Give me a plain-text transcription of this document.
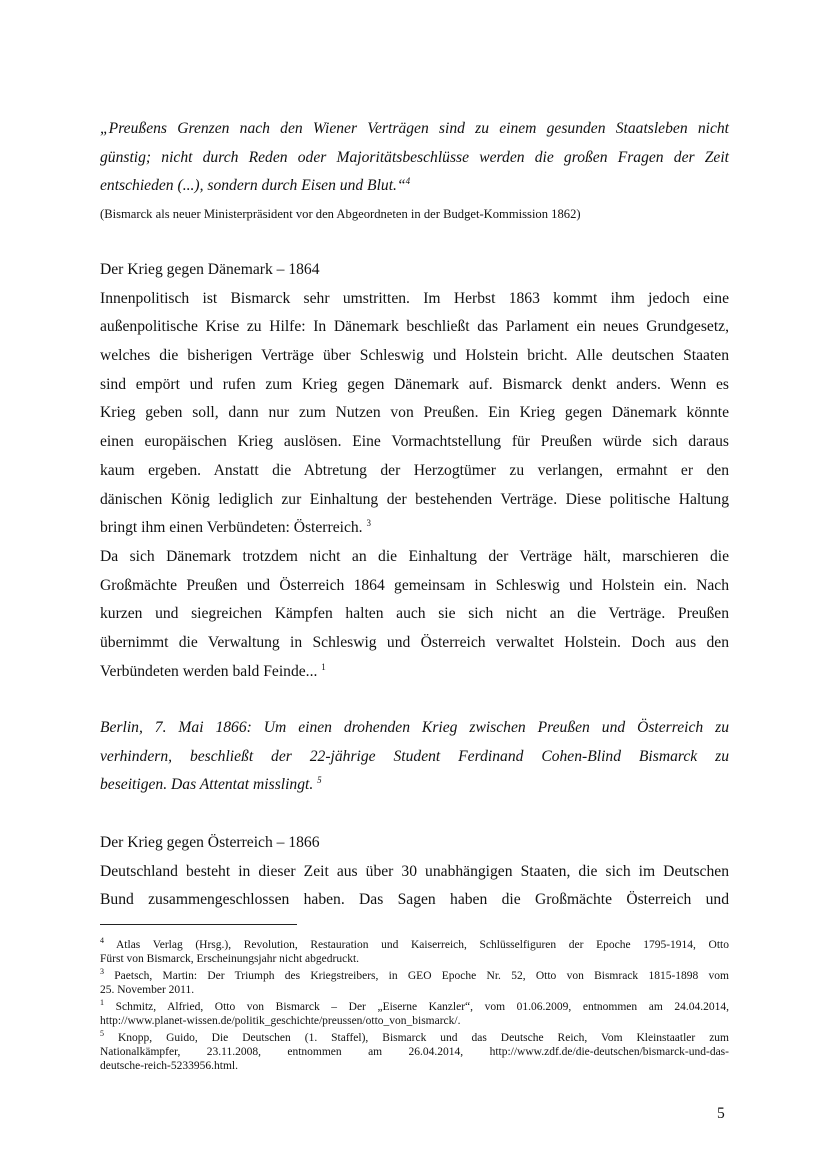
„Preußens Grenzen nach den Wiener Verträgen sind zu einem gesunden Staatsleben nicht
günstig; nicht durch Reden oder Majoritätsbeschlüsse werden die großen Fragen der Zeit
entschieden (...), sondern durch Eisen und Blut.“$^4$
(Bismarck als neuer Ministerpräsident vor den Abgeordneten in der Budget-Kommission 1862)
Der Krieg gegen Dänemark – 1864
Innenpolitisch ist Bismarck sehr umstritten. Im Herbst 1863 kommt ihm jedoch eine
außenpolitische Krise zu Hilfe: In Dänemark beschließt das Parlament ein neues Grundgesetz,
welches die bisherigen Verträge über Schleswig und Holstein bricht. Alle deutschen Staaten
sind empört und rufen zum Krieg gegen Dänemark auf. Bismarck denkt anders. Wenn es
Krieg geben soll, dann nur zum Nutzen von Preußen. Ein Krieg gegen Dänemark könnte
einen europäischen Krieg auslösen. Eine Vormachtstellung für Preußen würde sich daraus
kaum ergeben. Anstatt die Abtretung der Herzogtümer zu verlangen, ermahnt er den
dänischen König lediglich zur Einhaltung der bestehenden Verträge. Diese politische Haltung
bringt ihm einen Verbündeten: Österreich. $^3$
Da sich Dänemark trotzdem nicht an die Einhaltung der Verträge hält, marschieren die
Großmächte Preußen und Österreich 1864 gemeinsam in Schleswig und Holstein ein. Nach
kurzen und siegreichen Kämpfen halten auch sie sich nicht an die Verträge. Preußen
übernimmt die Verwaltung in Schleswig und Österreich verwaltet Holstein. Doch aus den
Verbündeten werden bald Feinde... $^1$
Berlin, 7. Mai 1866: Um einen drohenden Krieg zwischen Preußen und Österreich zu
verhindern, beschließt der 22-jährige Student Ferdinand Cohen-Blind Bismarck zu
beseitigen. Das Attentat misslingt. $^5$
Der Krieg gegen Österreich – 1866
Deutschland besteht in dieser Zeit aus über 30 unabhängigen Staaten, die sich im Deutschen
Bund zusammengeschlossen haben. Das Sagen haben die Großmächte Österreich und
$^4$ Atlas Verlag (Hrsg.), Revolution, Restauration und Kaiserreich, Schlüsselfiguren der Epoche 1795-1914, Otto
Fürst von Bismarck, Erscheinungsjahr nicht abgedruckt.
$^3$ Paetsch, Martin: Der Triumph des Kriegstreibers, in GEO Epoche Nr. 52, Otto von Bismrack 1815-1898 vom
25. November 2011.
$^1$ Schmitz, Alfried, Otto von Bismarck – Der „Eiserne Kanzler“, vom 01.06.2009, entnommen am 24.04.2014,
http://www.planet-wissen.de/politik_geschichte/preussen/otto_von_bismarck/.
$^5$ Knopp, Guido, Die Deutschen (1. Staffel), Bismarck und das Deutsche Reich, Vom Kleinstaatler zum
Nationalkämpfer, 23.11.2008, entnommen am 26.04.2014, http://www.zdf.de/die-deutschen/bismarck-und-das-
deutsche-reich-5233956.html.
5
